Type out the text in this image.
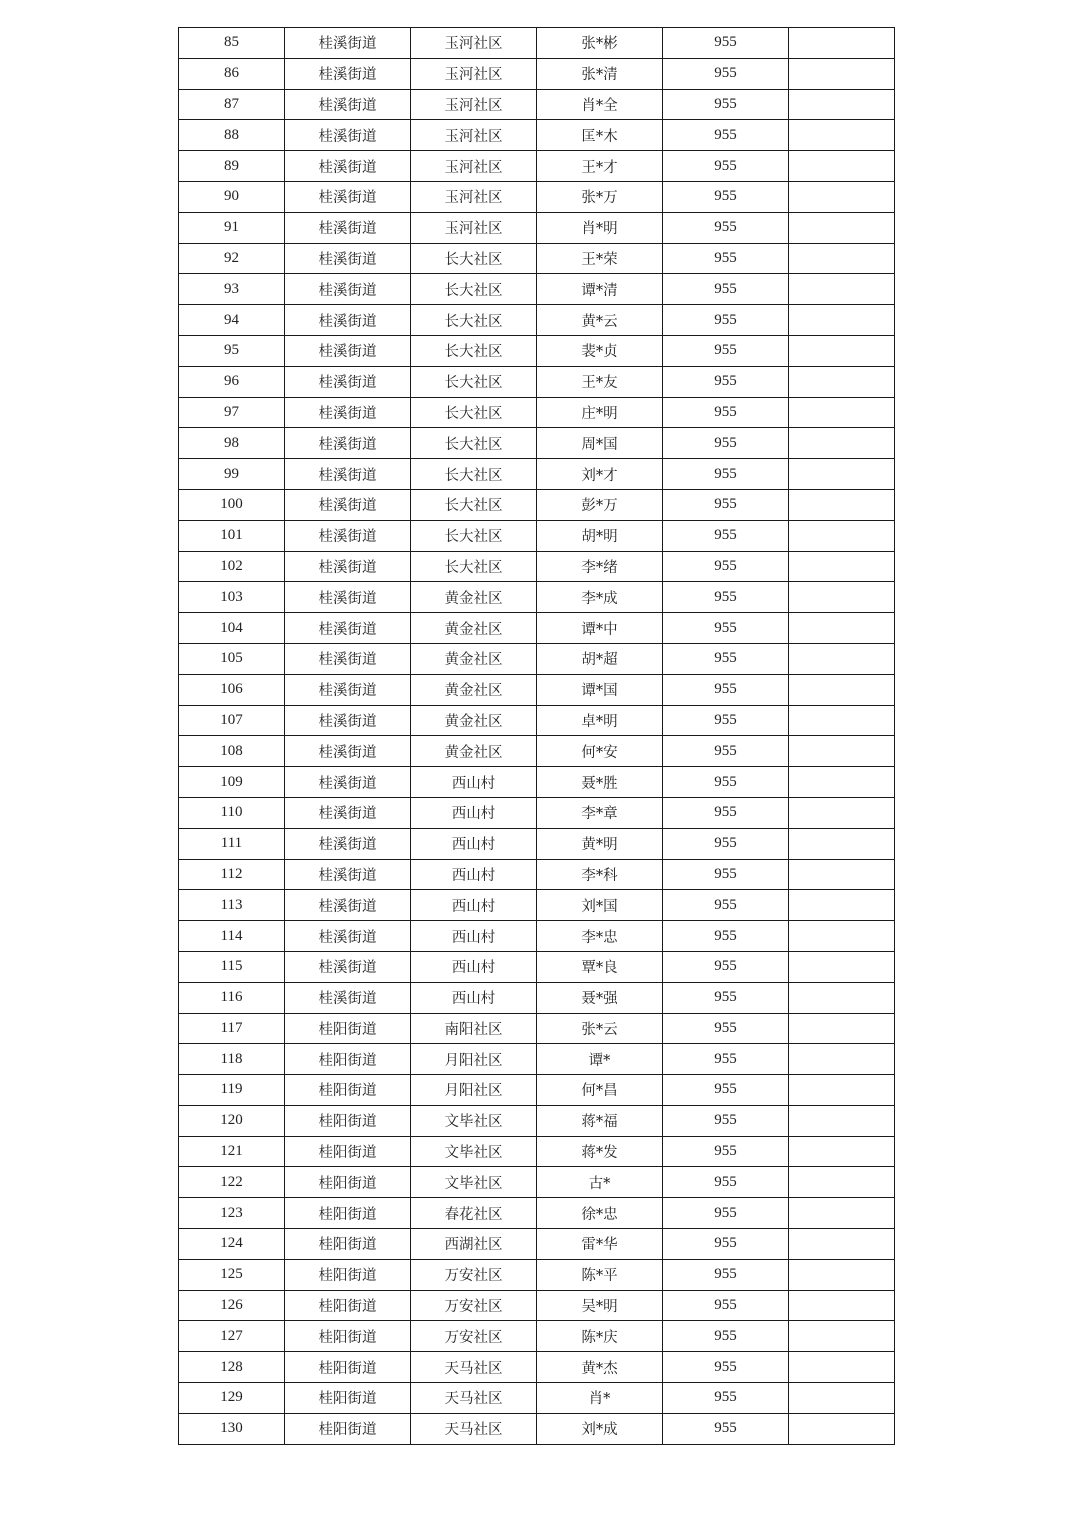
85	桂溪街道	玉河社区	张*彬	955	
86	桂溪街道	玉河社区	张*清	955	
87	桂溪街道	玉河社区	肖*全	955	
88	桂溪街道	玉河社区	匡*木	955	
89	桂溪街道	玉河社区	王*才	955	
90	桂溪街道	玉河社区	张*万	955	
91	桂溪街道	玉河社区	肖*明	955	
92	桂溪街道	长大社区	王*荣	955	
93	桂溪街道	长大社区	谭*清	955	
94	桂溪街道	长大社区	黄*云	955	
95	桂溪街道	长大社区	裴*贞	955	
96	桂溪街道	长大社区	王*友	955	
97	桂溪街道	长大社区	庄*明	955	
98	桂溪街道	长大社区	周*国	955	
99	桂溪街道	长大社区	刘*才	955	
100	桂溪街道	长大社区	彭*万	955	
101	桂溪街道	长大社区	胡*明	955	
102	桂溪街道	长大社区	李*绪	955	
103	桂溪街道	黄金社区	李*成	955	
104	桂溪街道	黄金社区	谭*中	955	
105	桂溪街道	黄金社区	胡*超	955	
106	桂溪街道	黄金社区	谭*国	955	
107	桂溪街道	黄金社区	卓*明	955	
108	桂溪街道	黄金社区	何*安	955	
109	桂溪街道	西山村	聂*胜	955	
110	桂溪街道	西山村	李*章	955	
111	桂溪街道	西山村	黄*明	955	
112	桂溪街道	西山村	李*科	955	
113	桂溪街道	西山村	刘*国	955	
114	桂溪街道	西山村	李*忠	955	
115	桂溪街道	西山村	覃*良	955	
116	桂溪街道	西山村	聂*强	955	
117	桂阳街道	南阳社区	张*云	955	
118	桂阳街道	月阳社区	谭*	955	
119	桂阳街道	月阳社区	何*昌	955	
120	桂阳街道	文毕社区	蒋*福	955	
121	桂阳街道	文毕社区	蒋*发	955	
122	桂阳街道	文毕社区	古*	955	
123	桂阳街道	春花社区	徐*忠	955	
124	桂阳街道	西湖社区	雷*华	955	
125	桂阳街道	万安社区	陈*平	955	
126	桂阳街道	万安社区	吴*明	955	
127	桂阳街道	万安社区	陈*庆	955	
128	桂阳街道	天马社区	黄*杰	955	
129	桂阳街道	天马社区	肖*	955	
130	桂阳街道	天马社区	刘*成	955	
